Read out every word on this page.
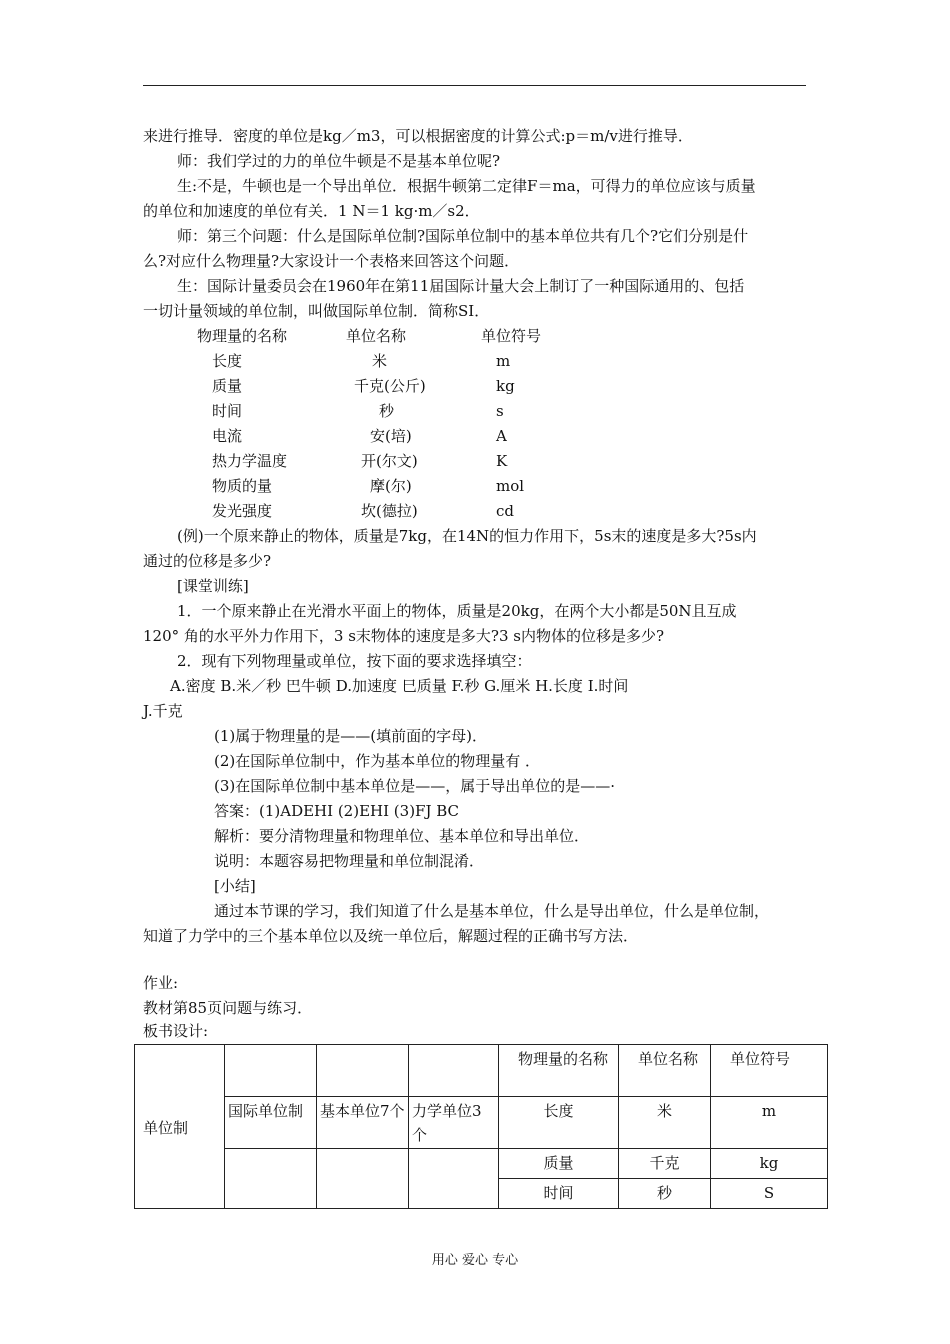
来进行推导．密度的单位是kg／m3，可以根据密度的计算公式:p＝m/v进行推导．
师：我们学过的力的单位牛顿是不是基本单位呢?
生:不是，牛顿也是一个导出单位．根据牛顿第二定律F＝ma，可得力的单位应该与质量
的单位和加速度的单位有关．1 N＝1 kg·m／s2．
师：第三个问题：什么是国际单位制?国际单位制中的基本单位共有几个?它们分别是什
么?对应什么物理量?大家设计一个表格来回答这个问题．
生：国际计量委员会在1960年在第11届国际计量大会上制订了一种国际通用的、包括
一切计量领域的单位制，叫做国际单位制．简称SI．
物理量的名称	单位名称	单位符号
长度	米	m
质量	千克(公斤)	kg
时间	秒	s
电流	安(培)	A
热力学温度	开(尔文)	K
物质的量	摩(尔)	mol
发光强度	坎(德拉)	cd
(例)一个原来静止的物体，质量是7kg，在14N的恒力作用下，5s末的速度是多大?5s内
通过的位移是多少?
[课堂训练]
1．一个原来静止在光滑水平面上的物体，质量是20kg，在两个大小都是50N且互成
120° 角的水平外力作用下，3 s末物体的速度是多大?3 s内物体的位移是多少?
2．现有下列物理量或单位，按下面的要求选择填空：
A.密度 B.米／秒 巴牛顿 D.加速度 巳质量 F.秒 G.厘米 H.长度 I.时间
J.千克
(1)属于物理量的是——(填前面的字母)．
(2)在国际单位制中，作为基本单位的物理量有 ．
(3)在国际单位制中基本单位是——，属于导出单位的是——·
答案：(1)ADEHI (2)EHI (3)FJ BC
解析：要分清物理量和物理单位、基本单位和导出单位．
说明：本题容易把物理量和单位制混淆．
[小结]
通过本节课的学习，我们知道了什么是基本单位，什么是导出单位，什么是单位制，
知道了力学中的三个基本单位以及统一单位后，解题过程的正确书写方法．
作业:
教材第85页问题与练习．
板书设计:
单位制				物理量的名称	单位名称	单位符号
	国际单位制	基本单位7个	力学单位3个	长度	米	m
				质量	千克	kg
				时间	秒	S
用心 爱心 专心
